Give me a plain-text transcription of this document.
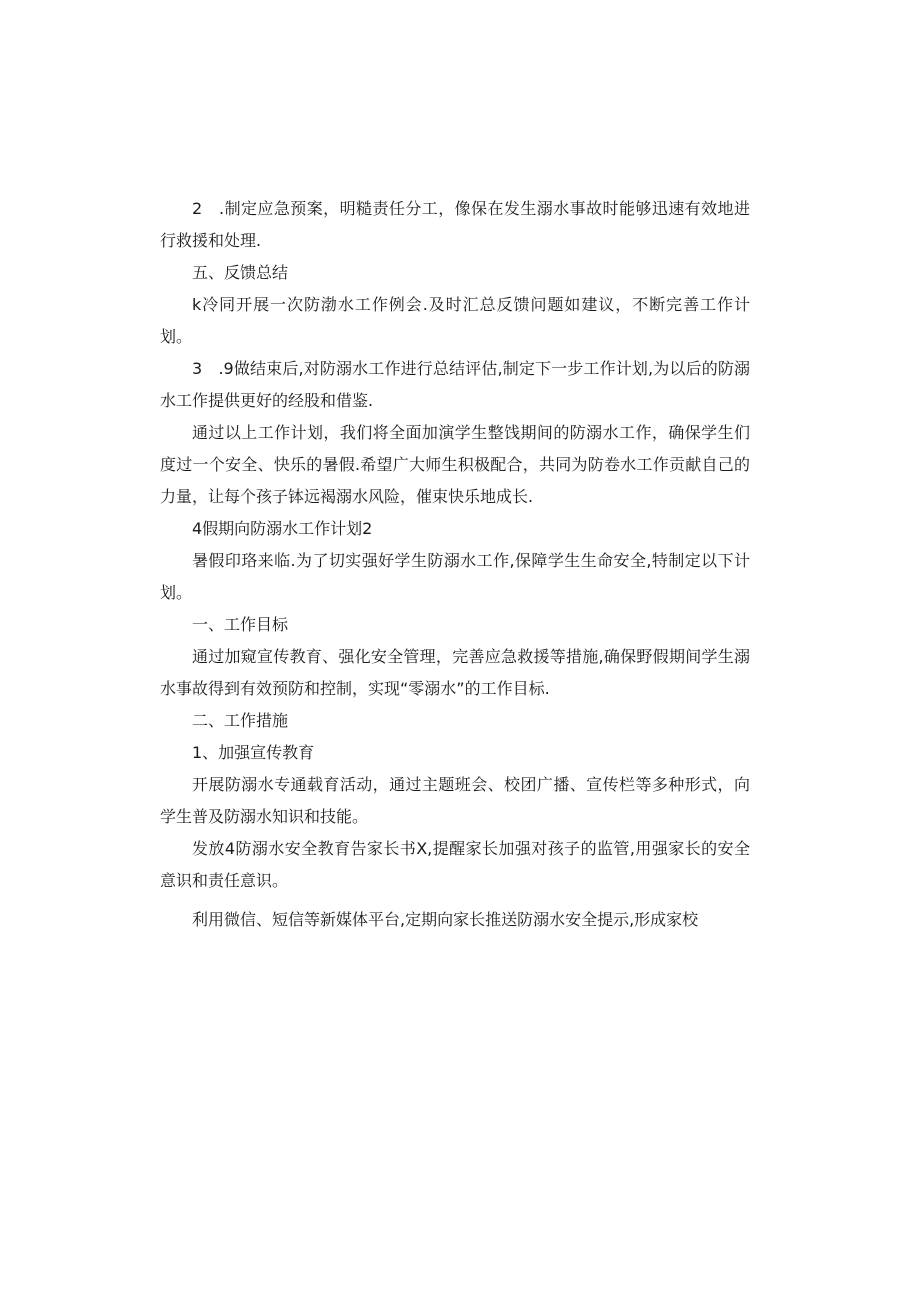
2　.制定应急预案，明糙责任分工，像保在发生溺水事故时能够迅速有效地进行救援和处理.

五、反馈总结

k冷同开展一次防渤水工作例会.及时汇总反馈问题如建议，不断完善工作计划。

3　.9做结束后,对防溺水工作进行总结评估,制定下一步工作计划,为以后的防溺水工作提供更好的经股和借鉴.

通过以上工作计划，我们将全面加演学生整饯期间的防溺水工作，确保学生们度过一个安全、快乐的暑假.希望广大师生积极配合，共同为防卷水工作贡献自己的力量，让每个孩子钵远褐溺水风险，催束快乐地成长.

4假期向防溺水工作计划2

暑假印珞来临.为了切实强好学生防溺水工作,保障学生生命安全,特制定以下计划。

一、工作目标

通过加窥宣传教育、强化安全管理，完善应急救援等措施,确保野假期间学生溺水事故得到有效预防和控制，实现“零溺水”的工作目标.

二、工作措施

1、加强宣传教育

开展防溺水专通载育活动，通过主题班会、校团广播、宣传栏等多种形式，向学生普及防溺水知识和技能。

发放4防溺水安全教育告家长书X,提醒家长加强对孩子的监管,用强家长的安全意识和责任意识。

利用微信、短信等新媒体平台,定期向家长推送防溺水安全提示,形成家校
